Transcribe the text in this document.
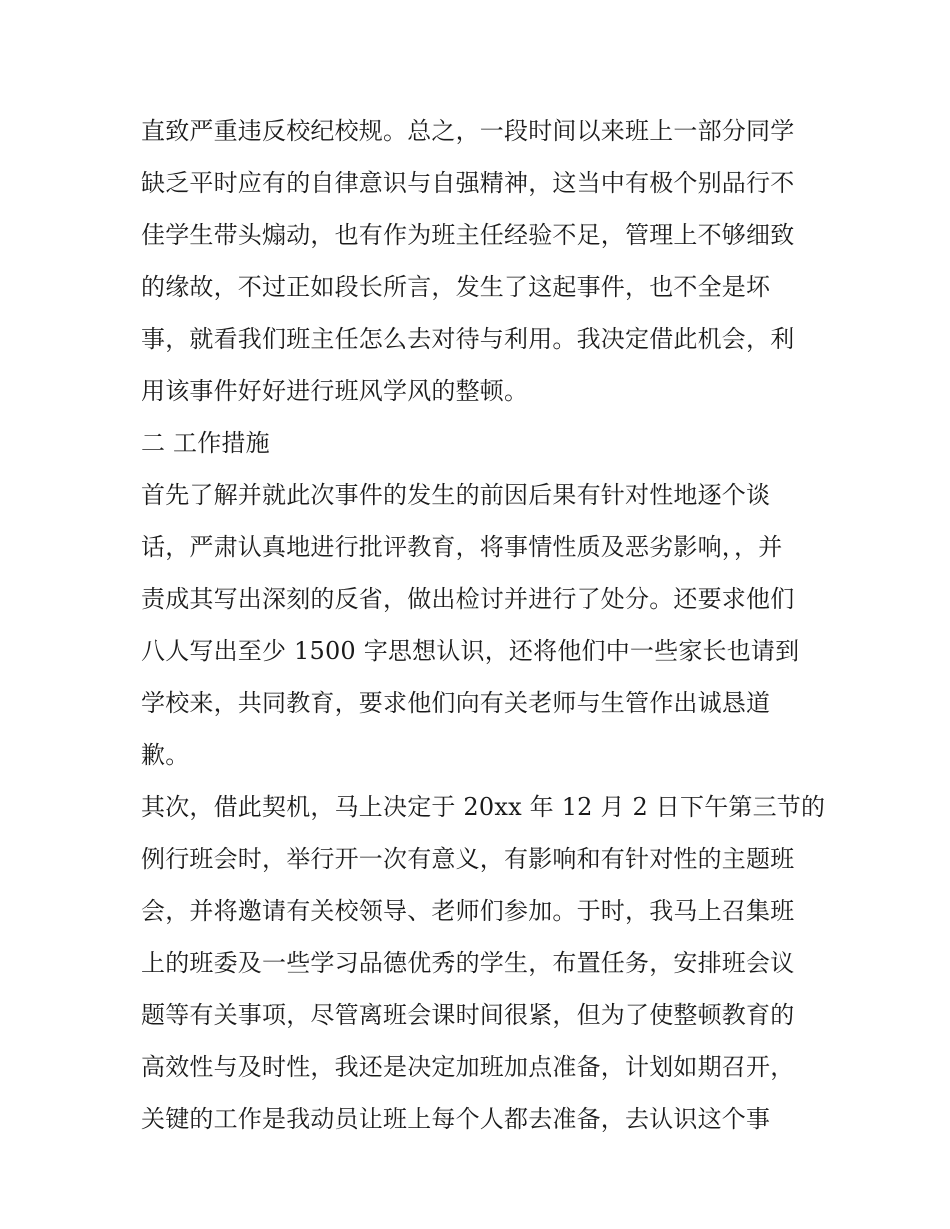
直致严重违反校纪校规。总之，一段时间以来班上一部分同学
缺乏平时应有的自律意识与自强精神，这当中有极个别品行不
佳学生带头煽动，也有作为班主任经验不足，管理上不够细致
的缘故，不过正如段长所言，发生了这起事件，也不全是坏
事，就看我们班主任怎么去对待与利用。我决定借此机会，利
用该事件好好进行班风学风的整顿。
二 工作措施
首先了解并就此次事件的发生的前因后果有针对性地逐个谈
话，严肃认真地进行批评教育，将事情性质及恶劣影响，，并
责成其写出深刻的反省，做出检讨并进行了处分。还要求他们
八人写出至少 1500 字思想认识，还将他们中一些家长也请到
学校来，共同教育，要求他们向有关老师与生管作出诚恳道
歉。
其次，借此契机，马上决定于 20xx 年 12 月 2 日下午第三节的
例行班会时，举行开一次有意义，有影响和有针对性的主题班
会，并将邀请有关校领导、老师们参加。于时，我马上召集班
上的班委及一些学习品德优秀的学生，布置任务，安排班会议
题等有关事项，尽管离班会课时间很紧，但为了使整顿教育的
高效性与及时性，我还是决定加班加点准备，计划如期召开，
关键的工作是我动员让班上每个人都去准备，去认识这个事
